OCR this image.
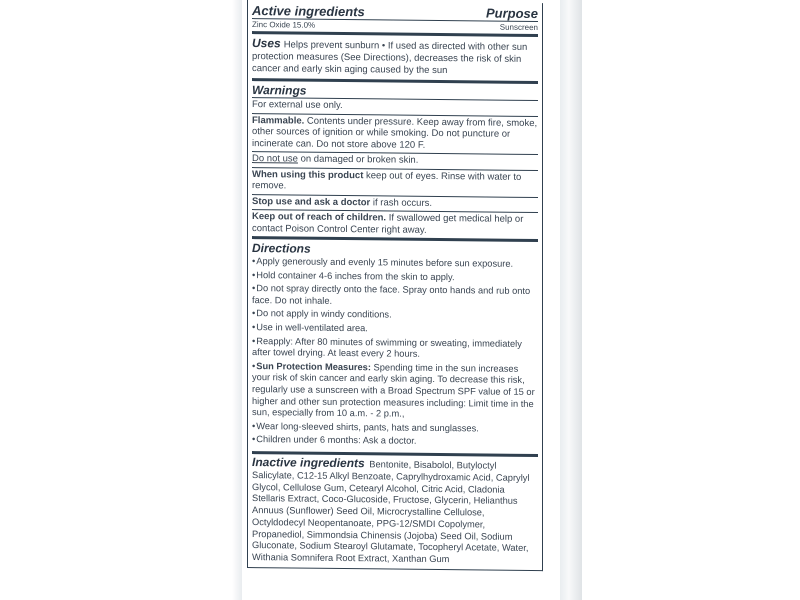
Active ingredients	Purpose
Zinc Oxide 15.0%	Sunscreen
Uses Helps prevent sunburn • If used as directed with other sun protection measures (See Directions), decreases the risk of skin cancer and early skin aging caused by the sun
Warnings
For external use only.
Flammable. Contents under pressure. Keep away from fire, smoke, other sources of ignition or while smoking. Do not puncture or incinerate can. Do not store above 120 F.
Do not use on damaged or broken skin.
When using this product keep out of eyes. Rinse with water to remove.
Stop use and ask a doctor if rash occurs.
Keep out of reach of children. If swallowed get medical help or contact Poison Control Center right away.
Directions
• Apply generously and evenly 15 minutes before sun exposure.
• Hold container 4-6 inches from the skin to apply.
• Do not spray directly onto the face. Spray onto hands and rub onto face. Do not inhale.
• Do not apply in windy conditions.
• Use in well-ventilated area.
• Reapply: After 80 minutes of swimming or sweating, immediately after towel drying. At least every 2 hours.
• Sun Protection Measures: Spending time in the sun increases your risk of skin cancer and early skin aging. To decrease this risk, regularly use a sunscreen with a Broad Spectrum SPF value of 15 or higher and other sun protection measures including: Limit time in the sun, especially from 10 a.m. - 2 p.m.,
• Wear long-sleeved shirts, pants, hats and sunglasses.
• Children under 6 months: Ask a doctor.
Inactive ingredients Bentonite, Bisabolol, Butyloctyl Salicylate, C12-15 Alkyl Benzoate, Caprylhydroxamic Acid, Caprylyl Glycol, Cellulose Gum, Cetearyl Alcohol, Citric Acid, Cladonia Stellaris Extract, Coco-Glucoside, Fructose, Glycerin, Helianthus Annuus (Sunflower) Seed Oil, Microcrystalline Cellulose, Octyldodecyl Neopentanoate, PPG-12/SMDI Copolymer, Propanediol, Simmondsia Chinensis (Jojoba) Seed Oil, Sodium Gluconate, Sodium Stearoyl Glutamate, Tocopheryl Acetate, Water, Withania Somnifera Root Extract, Xanthan Gum
